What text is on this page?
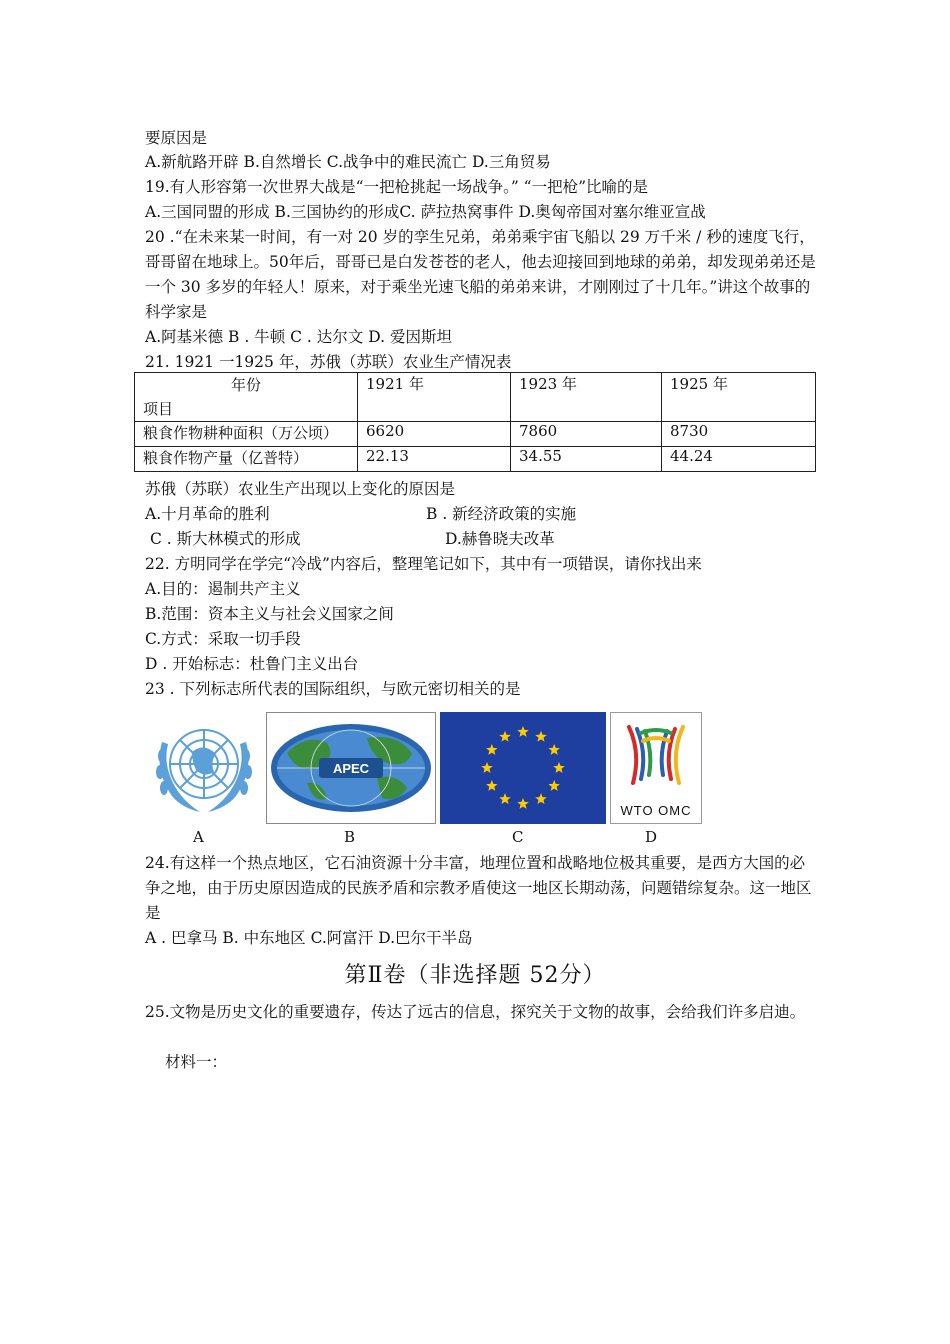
要原因是
A.新航路开辟 B.自然增长 C.战争中的难民流亡 D.三角贸易
19.有人形容第一次世界大战是“一把枪挑起一场战争。” “一把枪”比喻的是
A.三国同盟的形成 B.三国协约的形成C. 萨拉热窝事件 D.奥匈帝国对塞尔维亚宣战
20 .“在未来某一时间，有一对 20 岁的孪生兄弟，弟弟乘宇宙飞船以 29 万千米 / 秒的速度飞行，哥哥留在地球上。50年后，哥哥已是白发苍苍的老人，他去迎接回到地球的弟弟，却发现弟弟还是一个 30 多岁的年轻人！原来，对于乘坐光速飞船的弟弟来讲，才刚刚过了十几年。”讲这个故事的科学家是
A.阿基米德 B . 牛顿 C . 达尔文 D. 爱因斯坦
21. 1921 一1925 年，苏俄（苏联）农业生产情况表
年份
项目	1921 年	1923 年	1925 年
粮食作物耕种面积（万公顷）	6620	7860	8730
粮食作物产量（亿普特）	22.13	34.55	44.24
苏俄（苏联）农业生产出现以上变化的原因是
A.十月革命的胜利	B . 新经济政策的实施
C . 斯大林模式的形成	D.赫鲁晓夫改革
22. 方明同学在学完“冷战”内容后，整理笔记如下，其中有一项错误，请你找出来
A.目的：遏制共产主义
B.范围：资本主义与社会义国家之间
C.方式：采取一切手段
D . 开始标志：杜鲁门主义出台
23 . 下列标志所代表的国际组织，与欧元密切相关的是
APEC
WTO OMC
A	B	C	D
24.有这样一个热点地区，它石油资源十分丰富，地理位置和战略地位极其重要，是西方大国的必争之地，由于历史原因造成的民族矛盾和宗教矛盾使这一地区长期动荡，问题错综复杂。这一地区是
A . 巴拿马 B. 中东地区 C.阿富汗 D.巴尔干半岛
第Ⅱ卷（非选择题 52分）
25.文物是历史文化的重要遗存，传达了远古的信息，探究关于文物的故事，会给我们许多启迪。
材料一：
